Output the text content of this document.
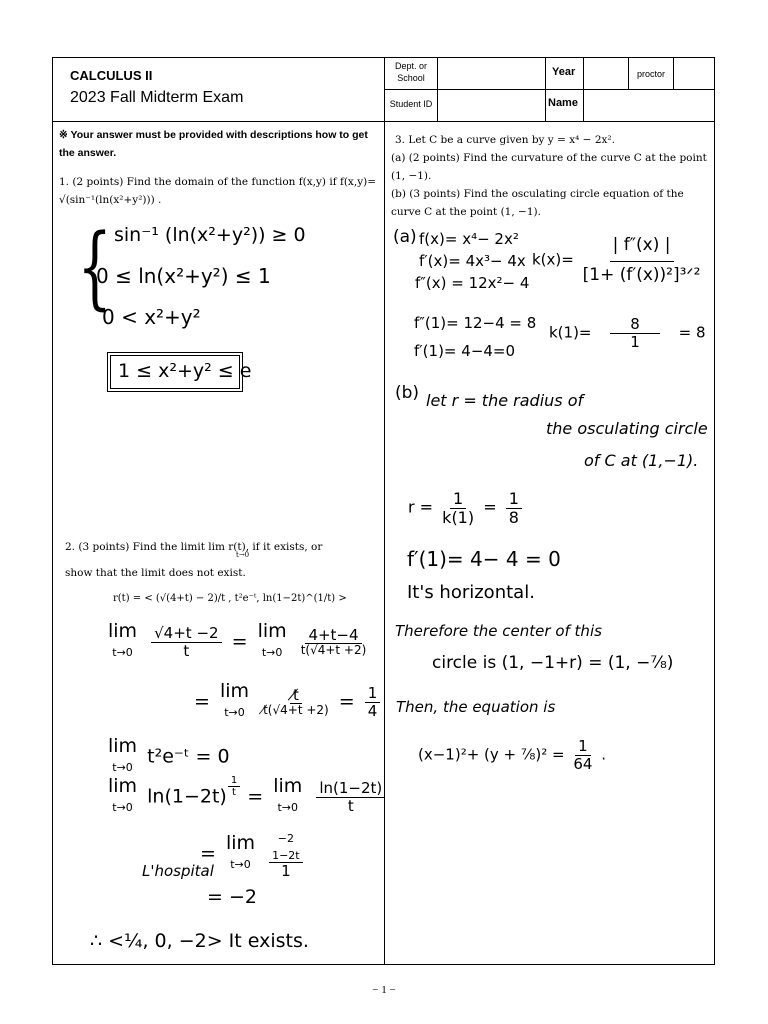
CALCULUS II
2023 Fall Midterm Exam
Dept. or School	Year	proctor
Student ID	Name
※ Your answer must be provided with descriptions how to get the answer.
1. (2 points) Find the domain of the function f(x,y) if f(x,y)= √(sin⁻¹(ln(x²+y²))) .
{ sin⁻¹ (ln(x²+y²)) ≥ 0
0 ≤ ln(x²+y²) ≤ 1
0 < x²+y²
1 ≤ x²+y² ≤ e
2. (3 points) Find the limit lim r(t), if it exists, or
t→0
show that the limit does not exist.
r(t) = < (√(4+t) − 2)/t , t²e⁻ᵗ, ln(1−2t)^(1/t) >
lim
t→0
$\frac{√4+t -2}{t} = \lim$
t→0
$\frac{4+t-4}{t(√4+t +2)}$
= lim
t→0
$\frac{t̸}{t̸(√4+t +2)} = \frac{1}{4}$
lim
t→0 t²e⁻ᵗ = 0
lim
t→0 $\ln(1-2t) \frac{1}{t} = \lim$
t→0
$\frac{\ln(1-2t)}{t}$
= lim
t→0

−2
1−2t
1
L'hospital
= −2
∴ <¼, 0, −2> It exists.
3. Let C be a curve given by y = x⁴ − 2x².
(a) (2 points) Find the curvature of the curve C at the point (1, −1).
(b) (3 points) Find the osculating circle equation of the curve C at the point (1, −1).
(a) f(x)= x⁴− 2x²
f′(x)= 4x³− 4x
f″(x) = 12x²− 4
$k(x)= \frac{| f''(x) |}{\text{[1+ (f′(x))²]³ᐟ²}}$
f″(1)= 12−4 = 8
f′(1)= 4−4=0
$k(1)= \frac{8}{1} = 8$
(b) let r = the radius of
the osculating circle
of C at (1,−1).
$r = \frac{1}{k(1)} = \frac{1}{8}$
f′(1)= 4− 4 = 0
It's horizontal.
Therefore the center of this
circle is (1, −1+r) = (1, −⁷⁄₈)
Then, the equation is
(x−1)²+ (y + ⁷⁄₈)² = $\frac{1}{64}$ .
− 1 −
